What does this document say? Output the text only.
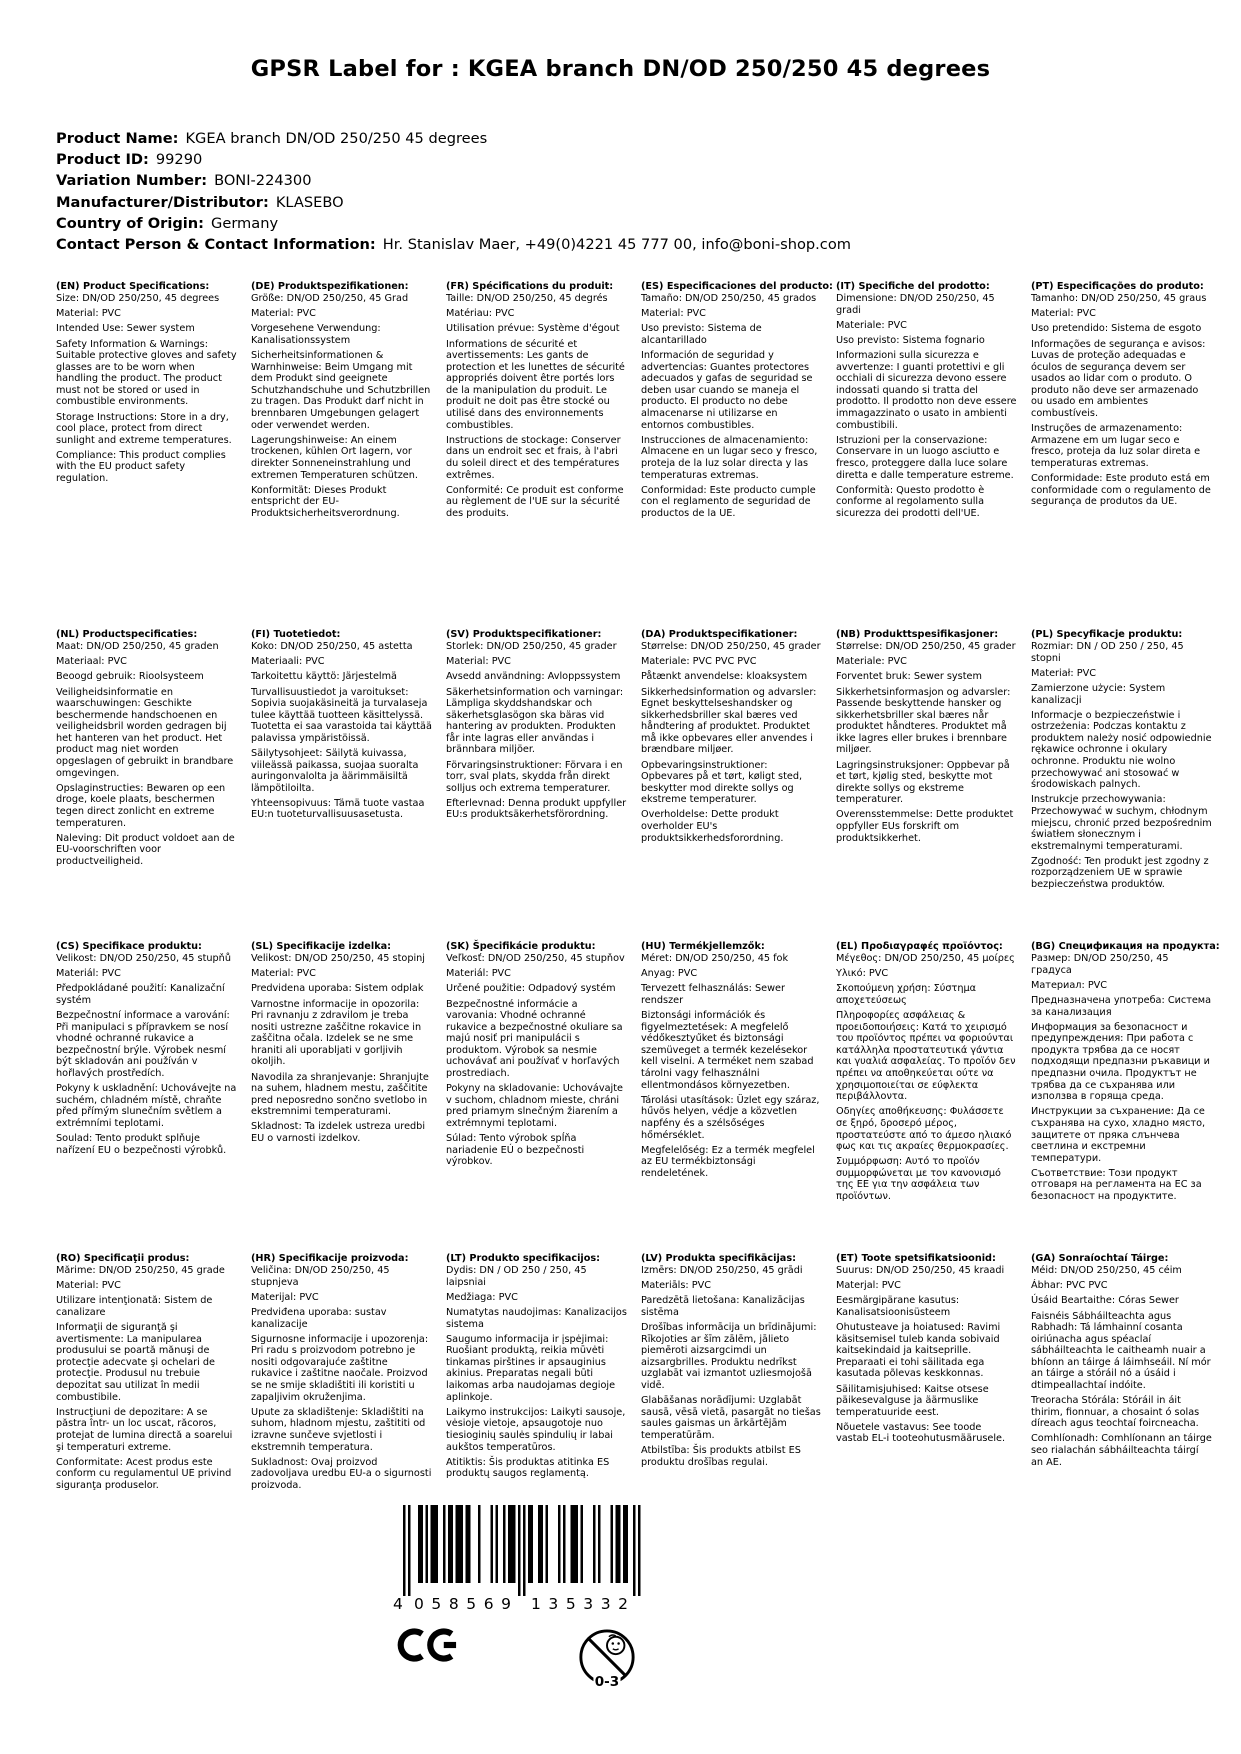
GPSR Label for : KGEA branch DN/OD 250/250 45 degrees
Product Name: KGEA branch DN/OD 250/250 45 degrees
Product ID: 99290
Variation Number: BONI-224300
Manufacturer/Distributor: KLASEBO
Country of Origin: Germany
Contact Person & Contact Information: Hr. Stanislav Maer, +49(0)4221 45 777 00, info@boni-shop.com
(EN) Product Specifications:

Size: DN/OD 250/250, 45 degrees

Material: PVC

Intended Use: Sewer system

Safety Information & Warnings: Suitable protective gloves and safety glasses are to be worn when handling the product. The product must not be stored or used in combustible environments.

Storage Instructions: Store in a dry, cool place, protect from direct sunlight and extreme temperatures.

Compliance: This product complies with the EU product safety regulation.

(DE) Produktspezifikationen:

Größe: DN/OD 250/250, 45 Grad

Material: PVC

Vorgesehene Verwendung: Kanalisationssystem

Sicherheitsinformationen & Warnhinweise: Beim Umgang mit dem Produkt sind geeignete Schutzhandschuhe und Schutzbrillen zu tragen. Das Produkt darf nicht in brennbaren Umgebungen gelagert oder verwendet werden.

Lagerungshinweise: An einem trockenen, kühlen Ort lagern, vor direkter Sonneneinstrahlung und extremen Temperaturen schützen.

Konformität: Dieses Produkt entspricht der EU-Produktsicherheitsverordnung.

(FR) Spécifications du produit:

Taille: DN/OD 250/250, 45 degrés

Matériau: PVC

Utilisation prévue: Système d'égout

Informations de sécurité et avertissements: Les gants de protection et les lunettes de sécurité appropriés doivent être portés lors de la manipulation du produit. Le produit ne doit pas être stocké ou utilisé dans des environnements combustibles.

Instructions de stockage: Conserver dans un endroit sec et frais, à l'abri du soleil direct et des températures extrêmes.

Conformité: Ce produit est conforme au règlement de l'UE sur la sécurité des produits.

(ES) Especificaciones del producto:

Tamaño: DN/OD 250/250, 45 grados

Material: PVC

Uso previsto: Sistema de alcantarillado

Información de seguridad y advertencias: Guantes protectores adecuados y gafas de seguridad se deben usar cuando se maneja el producto. El producto no debe almacenarse ni utilizarse en entornos combustibles.

Instrucciones de almacenamiento: Almacene en un lugar seco y fresco, proteja de la luz solar directa y las temperaturas extremas.

Conformidad: Este producto cumple con el reglamento de seguridad de productos de la UE.

(IT) Specifiche del prodotto:

Dimensione: DN/OD 250/250, 45 gradi

Materiale: PVC

Uso previsto: Sistema fognario

Informazioni sulla sicurezza e avvertenze: I guanti protettivi e gli occhiali di sicurezza devono essere indossati quando si tratta del prodotto. Il prodotto non deve essere immagazzinato o usato in ambienti combustibili.

Istruzioni per la conservazione: Conservare in un luogo asciutto e fresco, proteggere dalla luce solare diretta e dalle temperature estreme.

Conformità: Questo prodotto è conforme al regolamento sulla sicurezza dei prodotti dell'UE.

(PT) Especificações do produto:

Tamanho: DN/OD 250/250, 45 graus

Material: PVC

Uso pretendido: Sistema de esgoto

Informações de segurança e avisos: Luvas de proteção adequadas e óculos de segurança devem ser usados ao lidar com o produto. O produto não deve ser armazenado ou usado em ambientes combustíveis.

Instruções de armazenamento: Armazene em um lugar seco e fresco, proteja da luz solar direta e temperaturas extremas.

Conformidade: Este produto está em conformidade com o regulamento de segurança de produtos da UE.

(NL) Productspecificaties:

Maat: DN/OD 250/250, 45 graden

Materiaal: PVC

Beoogd gebruik: Rioolsysteem

Veiligheidsinformatie en waarschuwingen: Geschikte beschermende handschoenen en veiligheidsbril worden gedragen bij het hanteren van het product. Het product mag niet worden opgeslagen of gebruikt in brandbare omgevingen.

Opslaginstructies: Bewaren op een droge, koele plaats, beschermen tegen direct zonlicht en extreme temperaturen.

Naleving: Dit product voldoet aan de EU-voorschriften voor productveiligheid.

(FI) Tuotetiedot:

Koko: DN/OD 250/250, 45 astetta

Materiaali: PVC

Tarkoitettu käyttö: Järjestelmä

Turvallisuustiedot ja varoitukset: Sopivia suojakäsineitä ja turvalaseja tulee käyttää tuotteen käsittelyssä. Tuotetta ei saa varastoida tai käyttää palavissa ympäristöissä.

Säilytysohjeet: Säilytä kuivassa, viileässä paikassa, suojaa suoralta auringonvalolta ja äärimmäisiltä lämpötiloilta.

Yhteensopivuus: Tämä tuote vastaa EU:n tuoteturvallisuusasetusta.

(SV) Produktspecifikationer:

Storlek: DN/OD 250/250, 45 grader

Material: PVC

Avsedd användning: Avloppssystem

Säkerhetsinformation och varningar: Lämpliga skyddshandskar och säkerhetsglasögon ska bäras vid hantering av produkten. Produkten får inte lagras eller användas i brännbara miljöer.

Förvaringsinstruktioner: Förvara i en torr, sval plats, skydda från direkt solljus och extrema temperaturer.

Efterlevnad: Denna produkt uppfyller EU:s produktsäkerhetsförordning.

(DA) Produktspecifikationer:

Størrelse: DN/OD 250/250, 45 grader

Materiale: PVC PVC PVC

Påtænkt anvendelse: kloaksystem

Sikkerhedsinformation og advarsler: Egnet beskyttelseshandsker og sikkerhedsbriller skal bæres ved håndtering af produktet. Produktet må ikke opbevares eller anvendes i brændbare miljøer.

Opbevaringsinstruktioner: Opbevares på et tørt, køligt sted, beskytter mod direkte sollys og ekstreme temperaturer.

Overholdelse: Dette produkt overholder EU's produktsikkerhedsforordning.

(NB) Produkttspesifikasjoner:

Størrelse: DN/OD 250/250, 45 grader

Materiale: PVC

Forventet bruk: Sewer system

Sikkerhetsinformasjon og advarsler: Passende beskyttende hansker og sikkerhetsbriller skal bæres når produktet håndteres. Produktet må ikke lagres eller brukes i brennbare miljøer.

Lagringsinstruksjoner: Oppbevar på et tørt, kjølig sted, beskytte mot direkte sollys og ekstreme temperaturer.

Overensstemmelse: Dette produktet oppfyller EUs forskrift om produktsikkerhet.

(PL) Specyfikacje produktu:

Rozmiar: DN / OD 250 / 250, 45 stopni

Materiał: PVC

Zamierzone użycie: System kanalizacji

Informacje o bezpieczeństwie i ostrzeżenia: Podczas kontaktu z produktem należy nosić odpowiednie rękawice ochronne i okulary ochronne. Produktu nie wolno przechowywać ani stosować w środowiskach palnych.

Instrukcje przechowywania: Przechowywać w suchym, chłodnym miejscu, chronić przed bezpośrednim światłem słonecznym i ekstremalnymi temperaturami.

Zgodność: Ten produkt jest zgodny z rozporządzeniem UE w sprawie bezpieczeństwa produktów.

(CS) Specifikace produktu:

Velikost: DN/OD 250/250, 45 stupňů

Materiál: PVC

Předpokládané použití: Kanalizační systém

Bezpečnostní informace a varování: Při manipulaci s přípravkem se nosí vhodné ochranné rukavice a bezpečnostní brýle. Výrobek nesmí být skladován ani používán v hořlavých prostředích.

Pokyny k uskladnění: Uchovávejte na suchém, chladném místě, chraňte před přímým slunečním světlem a extrémními teplotami.

Soulad: Tento produkt splňuje nařízení EU o bezpečnosti výrobků.

(SL) Specifikacije izdelka:

Velikost: DN/OD 250/250, 45 stopinj

Material: PVC

Predvidena uporaba: Sistem odplak

Varnostne informacije in opozorila: Pri ravnanju z zdravilom je treba nositi ustrezne zaščitne rokavice in zaščitna očala. Izdelek se ne sme hraniti ali uporabljati v gorljivih okoljih.

Navodila za shranjevanje: Shranjujte na suhem, hladnem mestu, zaščitite pred neposredno sončno svetlobo in ekstremnimi temperaturami.

Skladnost: Ta izdelek ustreza uredbi EU o varnosti izdelkov.

(SK) Špecifikácie produktu:

Veľkosť: DN/OD 250/250, 45 stupňov

Materiál: PVC

Určené použitie: Odpadový systém

Bezpečnostné informácie a varovania: Vhodné ochranné rukavice a bezpečnostné okuliare sa majú nosiť pri manipulácii s produktom. Výrobok sa nesmie uchovávať ani používať v horľavých prostrediach.

Pokyny na skladovanie: Uchovávajte v suchom, chladnom mieste, chráni pred priamym slnečným žiarením a extrémnymi teplotami.

Súlad: Tento výrobok spĺňa nariadenie EÚ o bezpečnosti výrobkov.

(HU) Termékjellemzők:

Méret: DN/OD 250/250, 45 fok

Anyag: PVC

Tervezett felhasználás: Sewer rendszer

Biztonsági információk és figyelmeztetések: A megfelelő védőkesztyűket és biztonsági szemüveget a termék kezelésekor kell viselni. A terméket nem szabad tárolni vagy felhasználni ellentmondásos környezetben.

Tárolási utasítások: Üzlet egy száraz, hűvös helyen, védje a közvetlen napfény és a szélsőséges hőmérséklet.

Megfelelőség: Ez a termék megfelel az EU termékbiztonsági rendeletének.

(EL) Προδιαγραφές προϊόντος:

Μέγεθος: DN/OD 250/250, 45 μοίρες

Υλικό: PVC

Σκοπούμενη χρήση: Σύστημα αποχετεύσεως

Πληροφορίες ασφάλειας & προειδοποιήσεις: Κατά το χειρισμό του προϊόντος πρέπει να φοριούνται κατάλληλα προστατευτικά γάντια και γυαλιά ασφαλείας. Το προϊόν δεν πρέπει να αποθηκεύεται ούτε να χρησιμοποιείται σε εύφλεκτα περιβάλλοντα.

Οδηγίες αποθήκευσης: Φυλάσσετε σε ξηρό, δροσερό μέρος, προστατεύστε από το άμεσο ηλιακό φως και τις ακραίες θερμοκρασίες.

Συμμόρφωση: Αυτό το προϊόν συμμορφώνεται με τον κανονισμό της ΕΕ για την ασφάλεια των προϊόντων.

(BG) Спецификация на продукта:

Размер: DN/OD 250/250, 45 градуса

Материал: PVC

Предназначена употреба: Система за канализация

Информация за безопасност и предупреждения: При работа с продукта трябва да се носят подходящи предпазни ръкавици и предпазни очила. Продуктът не трябва да се съхранява или използва в горяща среда.

Инструкции за съхранение: Да се съхранява на сухо, хладно място, защитете от пряка слънчева светлина и екстремни температури.

Съответствие: Този продукт отговаря на регламента на ЕС за безопасност на продуктите.

(RO) Specificaţii produs:

Mărime: DN/OD 250/250, 45 grade

Material: PVC

Utilizare intenţionată: Sistem de canalizare

Informaţii de siguranţă şi avertismente: La manipularea produsului se poartă mănuşi de protecţie adecvate şi ochelari de protecţie. Produsul nu trebuie depozitat sau utilizat în medii combustibile.

Instrucţiuni de depozitare: A se păstra într- un loc uscat, răcoros, protejat de lumina directă a soarelui şi temperaturi extreme.

Conformitate: Acest produs este conform cu regulamentul UE privind siguranţa produselor.

(HR) Specifikacije proizvoda:

Veličina: DN/OD 250/250, 45 stupnjeva

Materijal: PVC

Predviđena uporaba: sustav kanalizacije

Sigurnosne informacije i upozorenja: Pri radu s proizvodom potrebno je nositi odgovarajuće zaštitne rukavice i zaštitne naočale. Proizvod se ne smije skladištiti ili koristiti u zapaljivim okruženjima.

Upute za skladištenje: Skladištiti na suhom, hladnom mjestu, zaštititi od izravne sunčeve svjetlosti i ekstremnih temperatura.

Sukladnost: Ovaj proizvod zadovoljava uredbu EU-a o sigurnosti proizvoda.

(LT) Produkto specifikacijos:

Dydis: DN / OD 250 / 250, 45 laipsniai

Medžiaga: PVC

Numatytas naudojimas: Kanalizacijos sistema

Saugumo informacija ir įspėjimai: Ruošiant produktą, reikia mūvėti tinkamas pirštines ir apsauginius akinius. Preparatas negali būti laikomas arba naudojamas degioje aplinkoje.

Laikymo instrukcijos: Laikyti sausoje, vėsioje vietoje, apsaugotoje nuo tiesioginių saulės spindulių ir labai aukštos temperatūros.

Atitiktis: Šis produktas atitinka ES produktų saugos reglamentą.

(LV) Produkta specifikācijas:

Izmērs: DN/OD 250/250, 45 grādi

Materiāls: PVC

Paredzētā lietošana: Kanalizācijas sistēma

Drošības informācija un brīdinājumi: Rīkojoties ar šīm zālēm, jālieto piemēroti aizsargcimdi un aizsargbrilles. Produktu nedrīkst uzglabāt vai izmantot uzliesmojošā vidē.

Glabāšanas norādījumi: Uzglabāt sausā, vēsā vietā, pasargāt no tiešas saules gaismas un ārkārtējām temperatūrām.

Atbilstība: Šis produkts atbilst ES produktu drošības regulai.

(ET) Toote spetsifikatsioonid:

Suurus: DN/OD 250/250, 45 kraadi

Materjal: PVC

Eesmärgipärane kasutus: Kanalisatsioonisüsteem

Ohutusteave ja hoiatused: Ravimi käsitsemisel tuleb kanda sobivaid kaitsekindaid ja kaitseprille. Preparaati ei tohi säilitada ega kasutada põlevas keskkonnas.

Säilitamisjuhised: Kaitse otsese päikesevalguse ja äärmuslike temperatuuride eest.

Nõuetele vastavus: See toode vastab EL-i tooteohutusmäärusele.

(GA) Sonraíochtaí Táirge:

Méid: DN/OD 250/250, 45 céim

Ábhar: PVC PVC

Úsáid Beartaithe: Córas Sewer

Faisnéis Sábháilteachta agus Rabhadh: Tá lámhainní cosanta oiriúnacha agus spéaclaí sábháilteachta le caitheamh nuair a bhíonn an táirge á láimhseáil. Ní mór an táirge a stóráil nó a úsáid i dtimpeallachtaí indóite.

Treoracha Stórála: Stóráil in áit thirim, fionnuar, a chosaint ó solas díreach agus teochtaí foircneacha.

Comhlíonadh: Comhlíonann an táirge seo rialachán sábháilteachta táirgí an AE.

4 058569 135332
0-3
